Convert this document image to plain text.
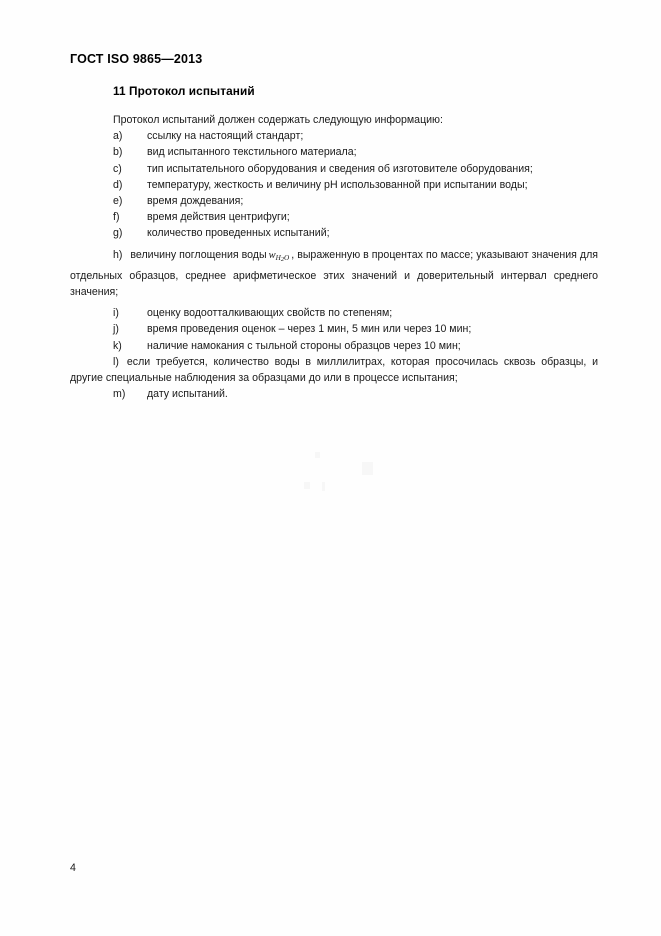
ГОСТ ISO 9865—2013
11 Протокол испытаний

Протокол испытаний должен содержать следующую информацию:

a)	ссылку на настоящий стандарт;
b)	вид испытанного текстильного материала;
c)	тип испытательного оборудования и сведения об изготовителе оборудования;
d)	температуру, жесткость и величину pH использованной при испытании воды;
e)	время дождевания;
f)	время действия центрифуги;
g)	количество проведенных испытаний;
h) величину поглощения воды $w_{H2O}$ , выраженную в процентах по массе; указывают значения для отдельных образцов, среднее арифметическое этих значений и доверительный интервал среднего значения;
i)	оценку водоотталкивающих свойств по степеням;
j)	время проведения оценок – через 1 мин, 5 мин или через 10 мин;
k)	наличие намокания с тыльной стороны образцов через 10 мин;
l) если требуется, количество воды в миллилитрах, которая просочилась сквозь образцы, и другие специальные наблюдения за образцами до или в процессе испытания;
m)	дату испытаний.
4
